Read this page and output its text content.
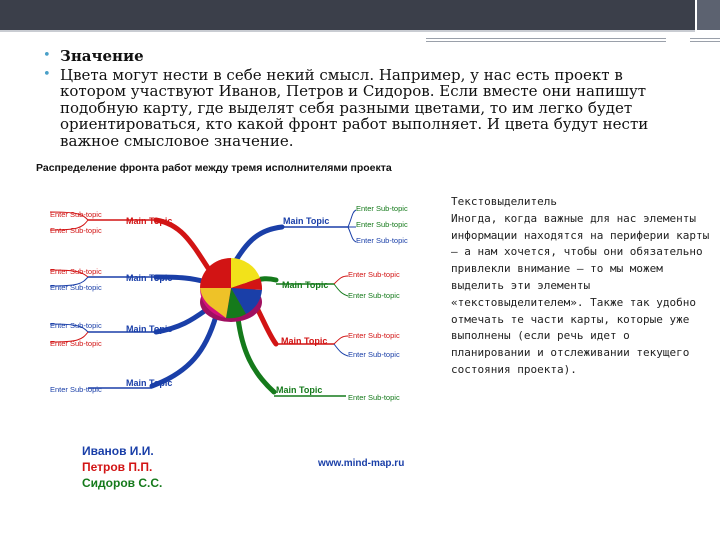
• Значение
• Цвета могут нести в себе некий смысл. Например, у нас есть проект в котором участвуют Иванов, Петров и Сидоров. Если вместе они напишут подобную карту, где выделят себя разными цветами, то им легко будет ориентироваться, кто какой фронт работ выполняет. И цвета будут нести важное смысловое значение.
Распределение фронта работ между тремя исполнителями проекта
Main Topic
Main Topic
Main Topic
Main Topic
Main Topic
Main Topic
Main Topic
Main Topic
Enter Sub-topic
Enter Sub-topic
Enter Sub-topic
Enter Sub-topic
Enter Sub-topic
Enter Sub-topic
Enter Sub-topic
Enter Sub-topic
Enter Sub-topic
Enter Sub-topic
Enter Sub-topic
Enter Sub-topic
Enter Sub-topic
Enter Sub-topic
Enter Sub-topic
Иванов И.И.
Петров П.П.
Сидоров С.С.
www.mind-map.ru
Текстовыделитель
Иногда, когда важные для нас элементы информации находятся на периферии карты – а нам хочется, чтобы они обязательно привлекли внимание – то мы можем выделить эти элементы «текстовыделителем». Также так удобно отмечать те части карты, которые уже выполнены (если речь идет о планировании и отслеживании текущего состояния проекта).
